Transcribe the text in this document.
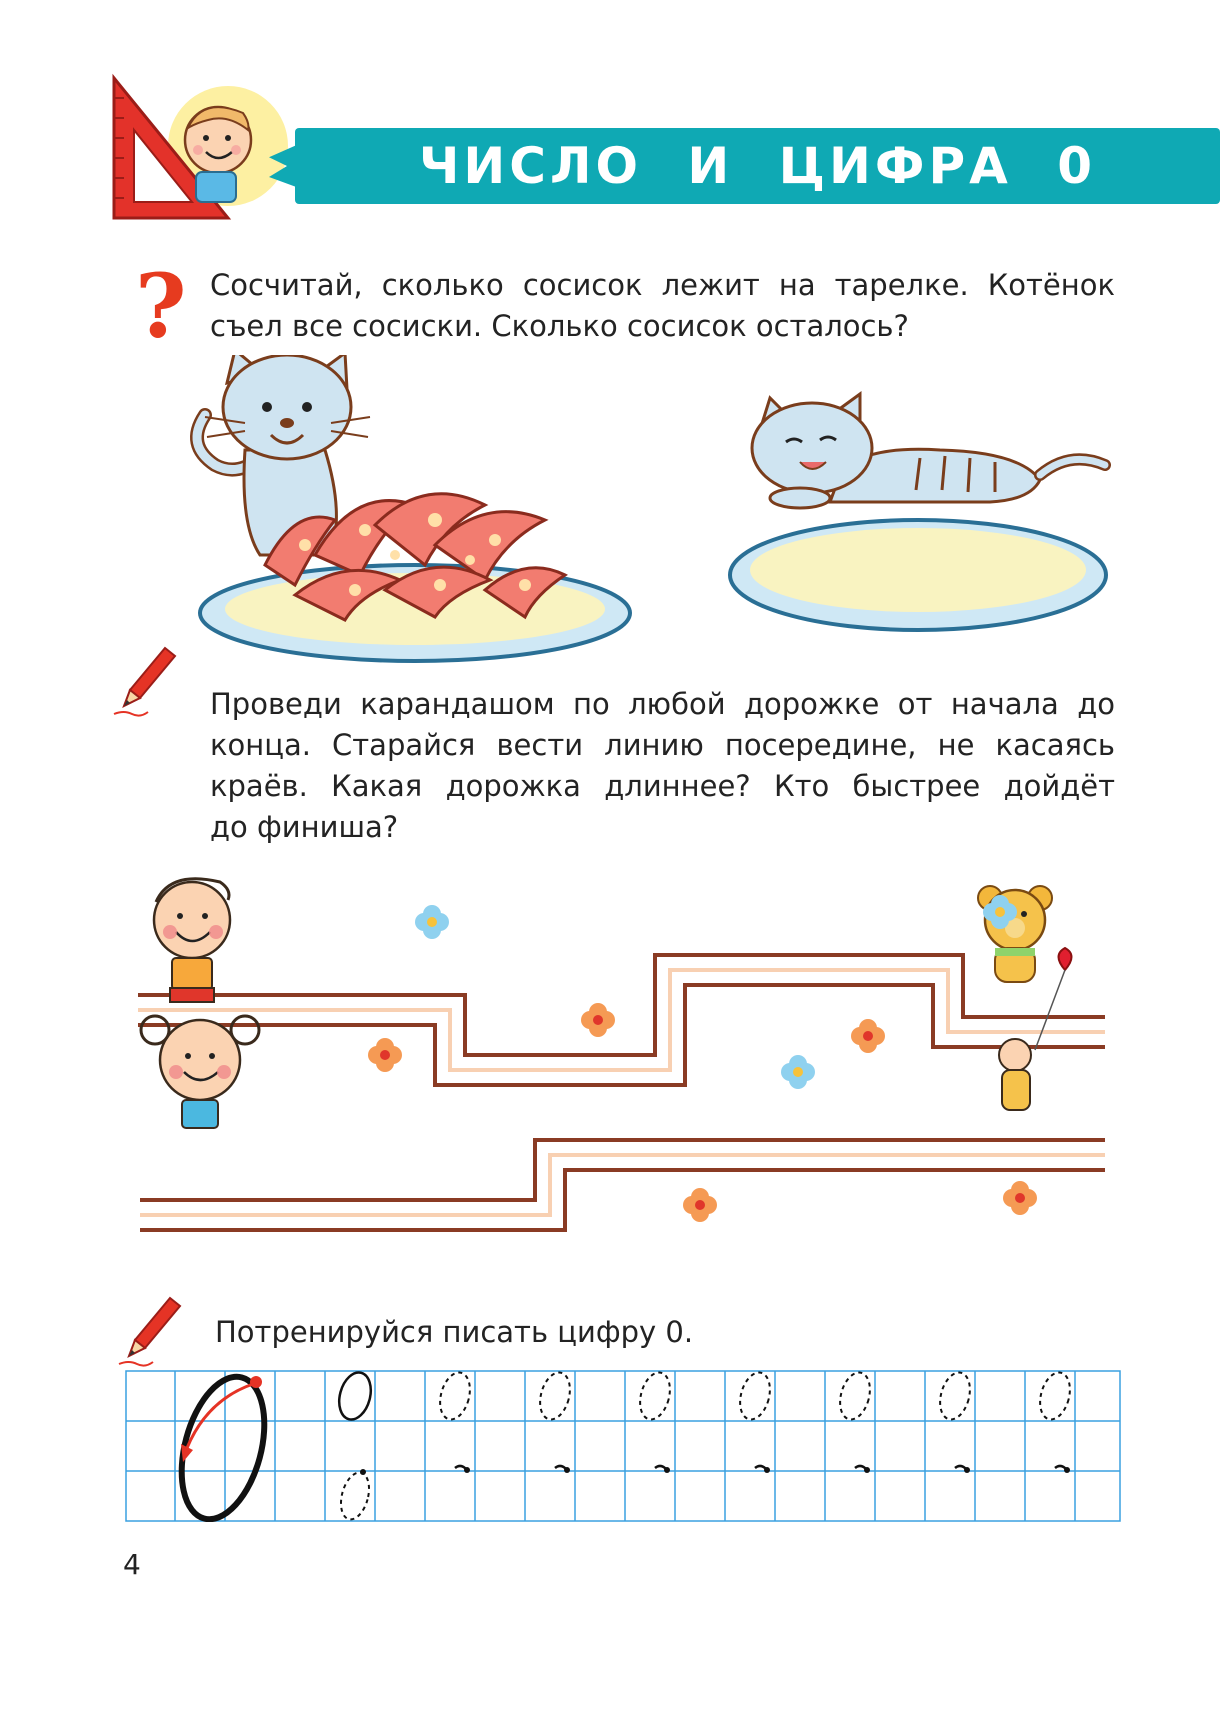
ЧИСЛО И ЦИФРА 0
? Сосчитай, сколько сосисок лежит на тарелке. Котёнок
съел все сосиски. Сколько сосисок осталось?
Проведи карандашом по любой дорожке от начала до
конца. Старайся вести линию посередине, не касаясь
краёв. Какая дорожка длиннее? Кто быстрее дойдёт
до финиша?
Потренируйся писать цифру 0.
4
